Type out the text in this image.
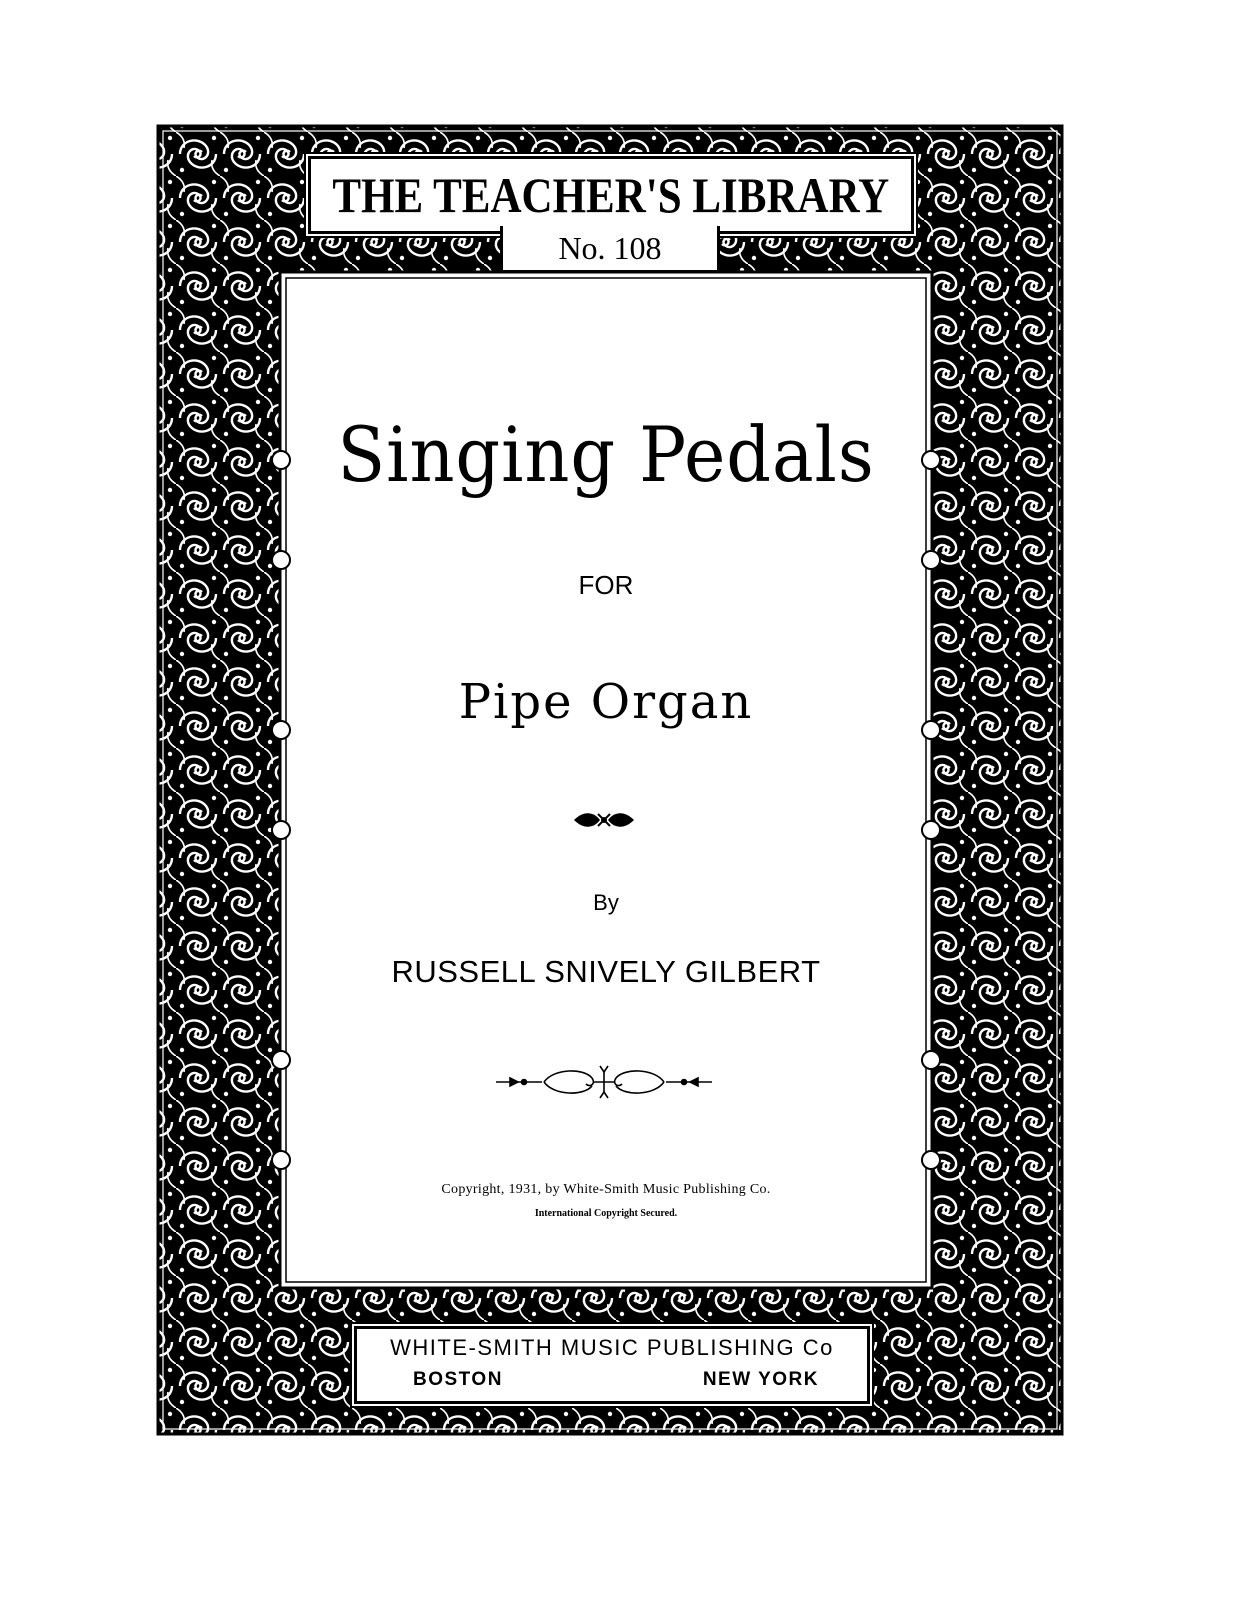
THE TEACHER'S LIBRARY
No. 108
Singing Pedals
FOR
Pipe Organ
By
RUSSELL SNIVELY GILBERT
Copyright, 1931, by White-Smith Music Publishing Co.
International Copyright Secured.
WHITE-SMITH MUSIC PUBLISHING Co
BOSTON	NEW YORK
